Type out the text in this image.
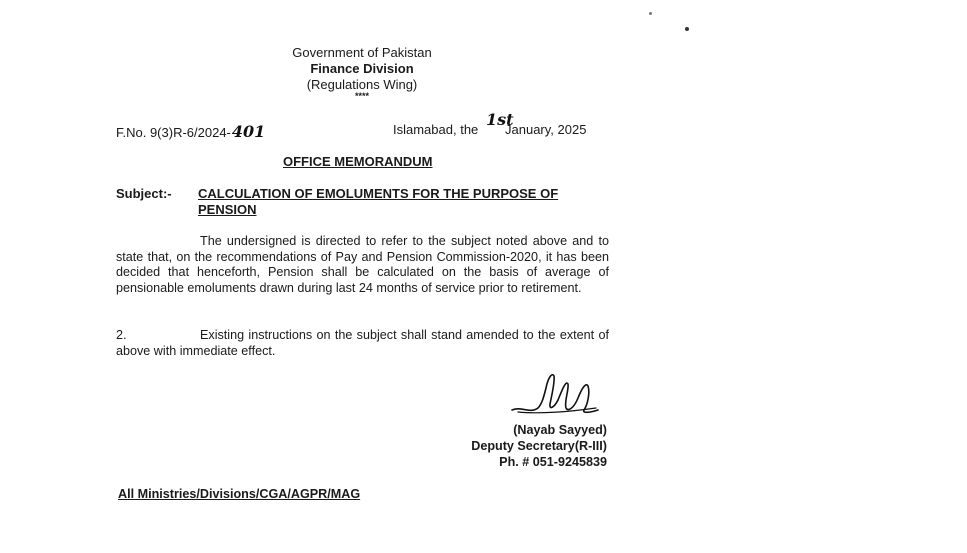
Government of Pakistan
Finance Division
(Regulations Wing)
****
F.No. 9(3)R-6/2024-401	Islamabad, the
1st
January, 2025
OFFICE MEMORANDUM
Subject:- CALCULATION OF EMOLUMENTS FOR THE PURPOSE OF
PENSION
The undersigned is directed to refer to the subject noted above and to state that, on the recommendations of Pay and Pension Commission-2020, it has been decided that henceforth, Pension shall be calculated on the basis of average of pensionable emoluments drawn during last 24 months of service prior to retirement.
2.	Existing instructions on the subject shall stand amended to the extent of above with immediate effect.
(Nayab Sayyed)
Deputy Secretary(R-III)
Ph. # 051-9245839
All Ministries/Divisions/CGA/AGPR/MAG
